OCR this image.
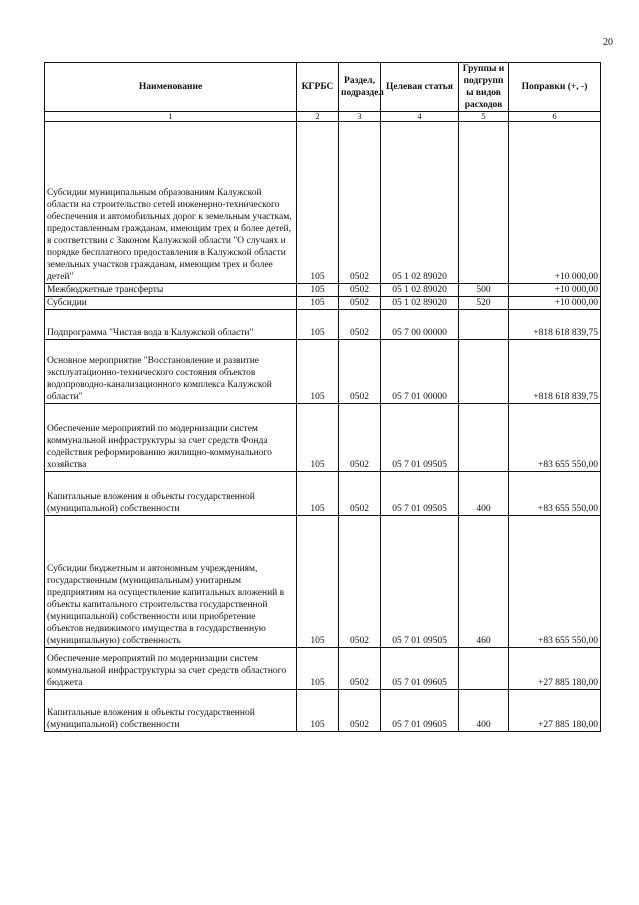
20
Наименование	КГРБС	Раздел, подраздел	Целевая статья	Группы и подгрупп ы видов расходов	Поправки (+, -)
1	2	3	4	5	6
Субсидии муниципальным образованиям Калужской области на строительство сетей инженерно-технического обеспечения и автомобильных дорог к земельным участкам, предоставленным гражданам, имеющим трех и более детей, в соответствии с Законом Калужской области "О случаях и порядке бесплатного предоставления в Калужской области земельных участков гражданам, имеющим трех и более детей"	105	0502	05 1 02 89020		+10 000,00
Межбюджетные трансферты	105	0502	05 1 02 89020	500	+10 000,00
Субсидии	105	0502	05 1 02 89020	520	+10 000,00
Подпрограмма "Чистая вода в Калужской области"	105	0502	05 7 00 00000		+818 618 839,75
Основное мероприятие "Восстановление и развитие эксплуатационно-технического состояния объектов водопроводно-канализационного комплекса Калужской области"	105	0502	05 7 01 00000		+818 618 839,75
Обеспечение мероприятий по модернизации систем коммунальной инфраструктуры за счет средств Фонда содействия реформированию жилищно-коммунального хозяйства	105	0502	05 7 01 09505		+83 655 550,00
Капитальные вложения в объекты государственной (муниципальной) собственности	105	0502	05 7 01 09505	400	+83 655 550,00
Субсидии бюджетным и автономным учреждениям, государственным (муниципальным) унитарным предприятиям на осуществление капитальных вложений в объекты капитального строительства государственной (муниципальной) собственности или приобретение объектов недвижимого имущества в государственную (муниципальную) собственность	105	0502	05 7 01 09505	460	+83 655 550,00
Обеспечение мероприятий по модернизации систем коммунальной инфраструктуры за счет средств областного бюджета	105	0502	05 7 01 09605		+27 885 180,00
Капитальные вложения в объекты государственной (муниципальной) собственности	105	0502	05 7 01 09605	400	+27 885 180,00
